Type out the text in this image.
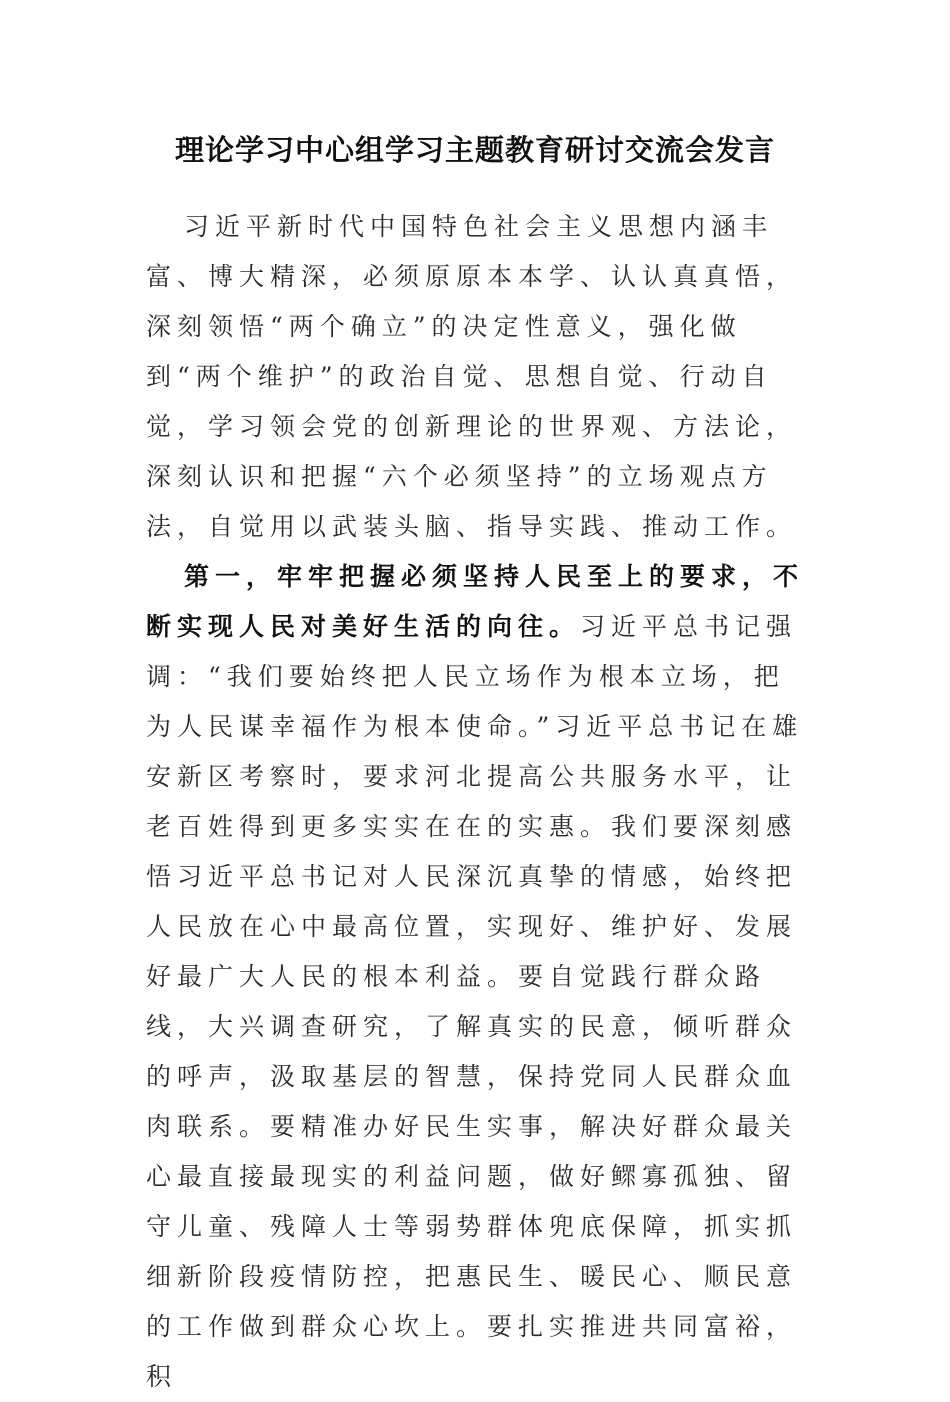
理论学习中心组学习主题教育研讨交流会发言

习近平新时代中国特色社会主义思想内涵丰富、博大精深，必须原原本本学、认认真真悟，深刻领悟“两个确立”的决定性意义，强化做到“两个维护”的政治自觉、思想自觉、行动自觉，学习领会党的创新理论的世界观、方法论，深刻认识和把握“六个必须坚持”的立场观点方法，自觉用以武装头脑、指导实践、推动工作。

第一，牢牢把握必须坚持人民至上的要求，不断实现人民对美好生活的向往。习近平总书记强调：“我们要始终把人民立场作为根本立场，把为人民谋幸福作为根本使命。”习近平总书记在雄安新区考察时，要求河北提高公共服务水平，让老百姓得到更多实实在在的实惠。我们要深刻感悟习近平总书记对人民深沉真挚的情感，始终把人民放在心中最高位置，实现好、维护好、发展好最广大人民的根本利益。要自觉践行群众路线，大兴调查研究，了解真实的民意，倾听群众的呼声，汲取基层的智慧，保持党同人民群众血肉联系。要精准办好民生实事，解决好群众最关心最直接最现实的利益问题，做好鳏寡孤独、留守儿童、残障人士等弱势群体兜底保障，抓实抓细新阶段疫情防控，把惠民生、暖民心、顺民意的工作做到群众心坎上。要扎实推进共同富裕，积
